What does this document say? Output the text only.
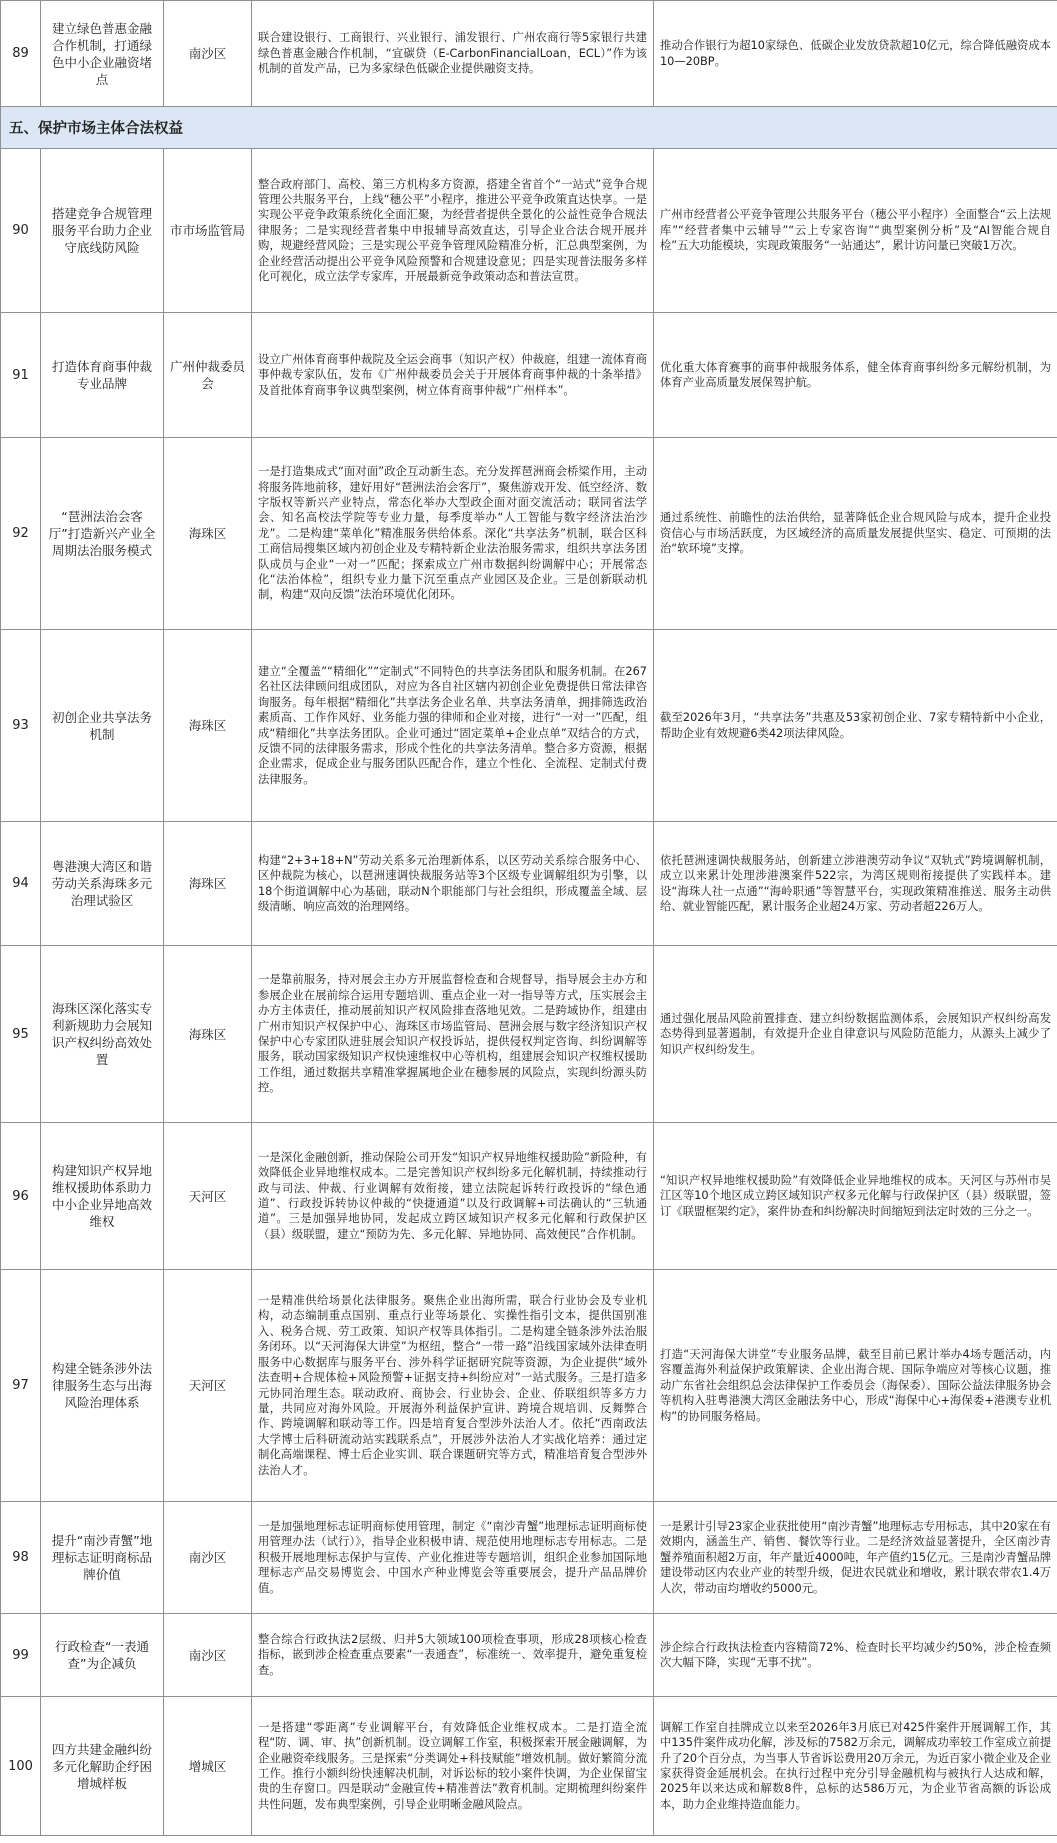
89	建立绿色普惠金融合作机制，打通绿色中小企业融资堵点	南沙区	联合建设银行、工商银行、兴业银行、浦发银行、广州农商行等5家银行共建绿色普惠金融合作机制，“宜碳贷（E-CarbonFinancialLoan，ECL）”作为该机制的首发产品，已为多家绿色低碳企业提供融资支持。	推动合作银行为超10家绿色、低碳企业发放贷款超10亿元，综合降低融资成本10—20BP。
五、保护市场主体合法权益				
90	搭建竞争合规管理服务平台助力企业守底线防风险	市市场监管局	整合政府部门、高校、第三方机构多方资源，搭建全省首个“一站式”竞争合规管理公共服务平台，上线“穗公平”小程序，推进公平竞争政策直达快享。一是实现公平竞争政策系统化全面汇聚，为经营者提供全景化的公益性竞争合规法律服务；二是实现经营者集中申报辅导高效直达，引导企业合法合规开展并购，规避经营风险；三是实现公平竞争管理风险精准分析，汇总典型案例，为企业经营活动提出公平竞争风险预警和合规建设意见；四是实现普法服务多样化可视化，成立法学专家库，开展最新竞争政策动态和普法宣贯。	广州市经营者公平竞争管理公共服务平台（穗公平小程序）全面整合“云上法规库”“经营者集中云辅导”“云上专家咨询”“典型案例分析”及“AI智能合规自检”五大功能模块，实现政策服务“一站通达”，累计访问量已突破1万次。
91	打造体育商事仲裁专业品牌	广州仲裁委员会	设立广州体育商事仲裁院及全运会商事（知识产权）仲裁庭，组建一流体育商事仲裁专家队伍，发布《广州仲裁委员会关于开展体育商事仲裁的十条举措》及首批体育商事争议典型案例，树立体育商事仲裁“广州样本”。	优化重大体育赛事的商事仲裁服务体系，健全体育商事纠纷多元解纷机制，为体育产业高质量发展保驾护航。
92	“琶洲法治会客厅”打造新兴产业全周期法治服务模式	海珠区	一是打造集成式“面对面”政企互动新生态。充分发挥琶洲商会桥梁作用，主动将服务阵地前移，建好用好“琶洲法治会客厅”，聚焦游戏开发、低空经济、数字版权等新兴产业特点，常态化举办大型政企面对面交流活动；联同省法学会、知名高校法学院等专业力量，每季度举办“人工智能与数字经济法治沙龙”。二是构建“菜单化”精准服务供给体系。深化“共享法务”机制，联合区科工商信局搜集区域内初创企业及专精特新企业法治服务需求，组织共享法务团队成员与企业“一对一”匹配；探索成立广州市数据纠纷调解中心；开展常态化“法治体检”，组织专业力量下沉至重点产业园区及企业。三是创新联动机制，构建“双向反馈”法治环境优化闭环。	通过系统性、前瞻性的法治供给，显著降低企业合规风险与成本，提升企业投资信心与市场活跃度，为区域经济的高质量发展提供坚实、稳定、可预期的法治“软环境”支撑。
93	初创企业共享法务机制	海珠区	建立“全覆盖”“精细化”“定制式”不同特色的共享法务团队和服务机制。在267名社区法律顾问组成团队，对应为各自社区辖内初创企业免费提供日常法律咨询服务。每年根据“精细化”共享法务企业名单、共享法务清单，拥排筛选政治素质高、工作作风好、业务能力强的律师和企业对接，进行“一对一”匹配，组成“精细化”共享法务团队。企业可通过“固定菜单+企业点单”双结合的方式，反馈不同的法律服务需求，形成个性化的共享法务清单。整合多方资源，根据企业需求，促成企业与服务团队匹配合作，建立个性化、全流程、定制式付费法律服务。	截至2026年3月，“共享法务”共惠及53家初创企业、7家专精特新中小企业，帮助企业有效规避6类42项法律风险。
94	粤港澳大湾区和谐劳动关系海珠多元治理试验区	海珠区	构建“2+3+18+N”劳动关系多元治理新体系，以区劳动关系综合服务中心、区仲裁院为核心，以琶洲速调快裁服务站等3个区级专业调解组织为引擎，以18个街道调解中心为基础，联动N个职能部门与社会组织，形成覆盖全域、层级清晰、响应高效的治理网络。	依托琶洲速调快裁服务站，创新建立涉港澳劳动争议“双轨式”跨境调解机制，成立以来累计处理涉港澳案件522宗，为湾区规则衔接提供了实践样本。建设“海珠人社一点通”“海岭职通”等智慧平台，实现政策精准推送、服务主动供给、就业智能匹配，累计服务企业超24万家、劳动者超226万人。
95	海珠区深化落实专利新规助力会展知识产权纠纷高效处置	海珠区	一是靠前服务，持对展会主办方开展监督检查和合规督导，指导展会主办方和参展企业在展前综合运用专题培训、重点企业一对一指导等方式，压实展会主办方主体责任，推动展前知识产权风险排查落地见效。二是跨域协作，组建由广州市知识产权保护中心、海珠区市场监管局、琶洲会展与数字经济知识产权保护中心专家团队进驻展会知识产权投诉站，提供侵权判定咨询、纠纷调解等服务，联动国家级知识产权快速维权中心等机构，组建展会知识产权维权援助工作组，通过数据共享精准掌握属地企业在穗参展的风险点，实现纠纷源头防控。	通过强化展品风险前置排查、建立纠纷数据监测体系，会展知识产权纠纷高发态势得到显著遏制，有效提升企业自律意识与风险防范能力，从源头上减少了知识产权纠纷发生。
96	构建知识产权异地维权援助体系助力中小企业异地高效维权	天河区	一是深化金融创新，推动保险公司开发“知识产权异地维权援助险”新险种，有效降低企业异地维权成本。二是完善知识产权纠纷多元化解机制，持续推动行政与司法、仲裁、行业调解有效衔接，建立法院起诉转行政投诉的“绿色通道”、行政投诉转协议仲裁的“快捷通道”以及行政调解+司法确认的“三轨通道”。三是加强异地协同，发起成立跨区域知识产权多元化解和行政保护区（县）级联盟，建立“预防为先、多元化解、异地协同、高效便民”合作机制。	“知识产权异地维权援助险”有效降低企业异地维权的成本。天河区与苏州市吴江区等10个地区成立跨区域知识产权多元化解与行政保护区（县）级联盟，签订《联盟框架约定》，案件协查和纠纷解决时间缩短到法定时效的三分之一。
97	构建全链条涉外法律服务生态与出海风险治理体系	天河区	一是精准供给场景化法律服务。聚焦企业出海所需，联合行业协会及专业机构，动态编制重点国别、重点行业等场景化、实操性指引文本，提供国别准入、税务合规、劳工政策、知识产权等具体指引。二是构建全链条涉外法治服务闭环。以“天河海保大讲堂”为枢纽，整合“一带一路”沿线国家域外法律查明服务中心数据库与服务平台、涉外科学证据研究院等资源，为企业提供“域外法查明+合规体检+风险预警+证据支持+纠纷应对”一站式服务。三是打造多元协同治理生态。联动政府、商协会、行业协会、企业、侨联组织等多方力量，共同应对海外风险。开展海外利益保护宣讲、跨境合规培训、反舞弊合作、跨境调解和联动等工作。四是培育复合型涉外法治人才。依托“西南政法大学博士后科研流动站实践联系点”，开展涉外法治人才实战化培养：通过定制化高端课程、博士后企业实训、联合课题研究等方式，精准培育复合型涉外法治人才。	打造“天河海保大讲堂”专业服务品牌，截至目前已累计举办4场专题活动，内容覆盖海外利益保护政策解读、企业出海合规、国际争端应对等核心议题，推动广东省社会组织总会法律保护工作委员会（海保委）、国际公益法律服务协会等机构入驻粤港澳大湾区金融法务中心，形成“海保中心+海保委+港澳专业机构”的协同服务格局。
98	提升“南沙青蟹”地理标志证明商标品牌价值	南沙区	一是加强地理标志证明商标使用管理，制定《“南沙青蟹”地理标志证明商标使用管理办法（试行）》，指导企业积极申请、规范使用地理标志专用标志。二是积极开展地理标志保护与宣传、产业化推进等专题培训，组织企业参加国际地理标志产品交易博览会、中国水产种业博览会等重要展会，提升产品品牌价值。	一是累计引导23家企业获批使用“南沙青蟹”地理标志专用标志，其中20家在有效期内，涵盖生产、销售、餐饮等行业。二是经济效益显著提升，全区南沙青蟹养殖面积超2万亩，年产量近4000吨，年产值约15亿元。三是南沙青蟹品牌建设带动区内农业产业的转型升级，促进农民就业和增收，累计联农带农1.4万人次，带动亩均增收约5000元。
99	行政检查“一表通查”为企减负	南沙区	整合综合行政执法2层级、归并5大领域100项检查事项，形成28项核心检查指标，嵌到涉企检查重点要素“一表通查”，标准统一、效率提升，避免重复检查。	涉企综合行政执法检查内容精简72%、检查时长平均减少约50%，涉企检查频次大幅下降，实现“无事不扰”。
100	四方共建金融纠纷多元化解助企纾困增城样板	增城区	一是搭建“零距离”专业调解平台，有效降低企业维权成本。二是打造全流程“防、调、审、执”创新机制。设立调解工作室，积极探索开展金融调解，为企业融资牵线服务。三是探索“分类调处+科技赋能”增效机制。做好繁简分流工作。推行小额纠纷快速解决机制，对诉讼标的较小案件快调，为企业保留宝贵的生存窗口。四是联动“金融宣传+精准普法”教育机制。定期梳理纠纷案件共性问题，发布典型案例，引导企业明晰金融风险点。	调解工作室自挂牌成立以来至2026年3月底已对425件案件开展调解工作，其中135件案件成功化解，涉及标的7582万余元，调解成功率较工作室成立前提升了20个百分点，为当事人节省诉讼费用20万余元，为近百家小微企业及企业家获得资金延展机会。在执行过程中充分引导金融机构与被执行人达成和解，2025年以来达成和解数8件，总标的达586万元，为企业节省高额的诉讼成本，助力企业维持造血能力。
